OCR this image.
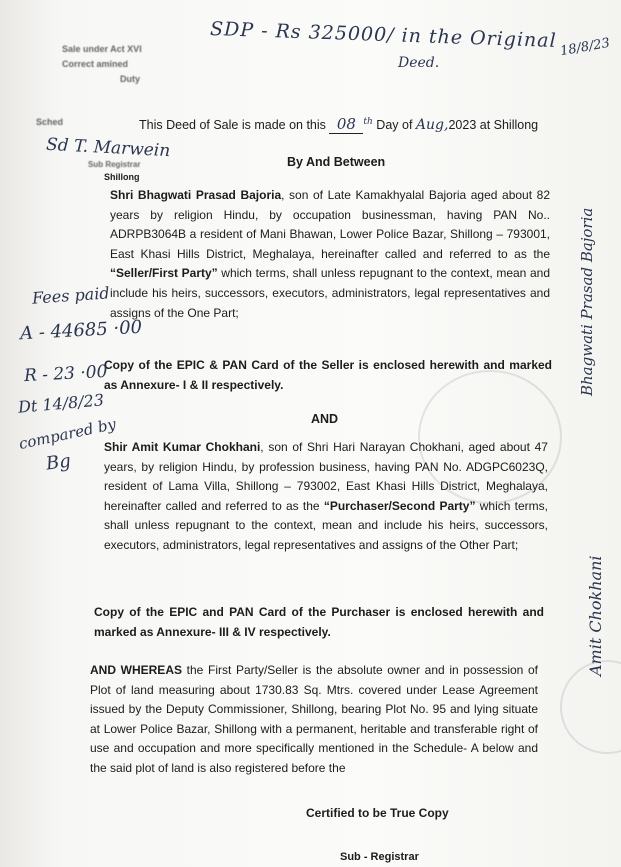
Sale under Act XVI
Correct amined
Duty
Sched
SDP - Rs 325000/ in the Original
Deed.
18/8/23
This Deed of Sale is made on this 08 $^{th}$ Day of Aug,2023 at Shillong
Sd T. Marwein
Sub Registrar
Shillong
By And Between
Shri Bhagwati Prasad Bajoria, son of Late Kamakhyalal Bajoria aged about 82 years by religion Hindu, by occupation businessman, having PAN No.. ADRPB3064B a resident of Mani Bhawan, Lower Police Bazar, Shillong – 793001, East Khasi Hills District, Meghalaya, hereinafter called and referred to as the “Seller/First Party” which terms, shall unless repugnant to the context, mean and include his heirs, successors, executors, administrators, legal representatives and assigns of the One Part;
Copy of the EPIC & PAN Card of the Seller is enclosed herewith and marked as Annexure- I & II respectively.
AND
Shir Amit Kumar Chokhani, son of Shri Hari Narayan Chokhani, aged about 47 years, by religion Hindu, by profession business, having PAN No. ADGPC6023Q, resident of Lama Villa, Shillong – 793002, East Khasi Hills District, Meghalaya, hereinafter called and referred to as the “Purchaser/Second Party” which terms, shall unless repugnant to the context, mean and include his heirs, successors, executors, administrators, legal representatives and assigns of the Other Part;
Copy of the EPIC and PAN Card of the Purchaser is enclosed herewith and marked as Annexure- III & IV respectively.
AND WHEREAS the First Party/Seller is the absolute owner and in possession of Plot of land measuring about 1730.83 Sq. Mtrs. covered under Lease Agreement issued by the Deputy Commissioner, Shillong, bearing Plot No. 95 and lying situate at Lower Police Bazar, Shillong with a permanent, heritable and transferable right of use and occupation and more specifically mentioned in the Schedule- A below and the said plot of land is also registered before the
Certified to be True Copy
Sub - Registrar
Fees paid
A - 44685 ·00
R - 23 ·00
Dt 14/8/23
compared by
Bg
Bhagwati Prasad Bajoria
Amit Chokhani
